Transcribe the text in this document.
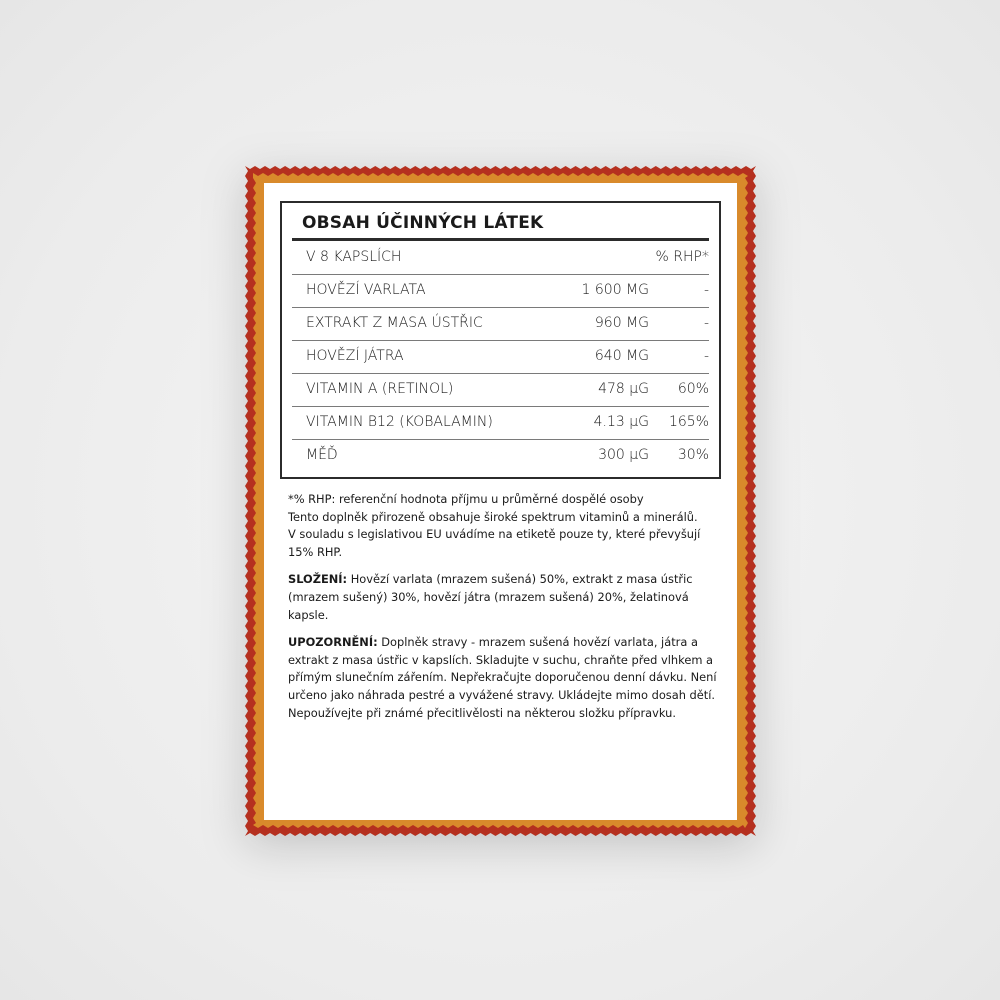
OBSAH ÚČINNÝCH LÁTEK
V 8 KAPSLÍCH	% RHP*
HOVĚZÍ VARLATA	1 600 MG	-
EXTRAKT Z MASA ÚSTŘIC	960 MG	-
HOVĚZÍ JÁTRA	640 MG	-
VITAMIN A (RETINOL)	478 µG 60%
VITAMIN B12 (KOBALAMIN)	4.13 µG 165%
MĚĎ	300 µG 30%

*% RHP: referenční hodnota příjmu u průměrné dospělé osoby

Tento doplněk přirozeně obsahuje široké spektrum vitaminů a minerálů.

V souladu s legislativou EU uvádíme na etiketě pouze ty, které převyšují 15% RHP.

SLOŽENÍ: Hovězí varlata (mrazem sušená) 50%, extrakt z masa ústřic (mrazem sušený) 30%, hovězí játra (mrazem sušená) 20%, želatinová kapsle.

UPOZORNĚNÍ: Doplněk stravy - mrazem sušená hovězí varlata, játra a extrakt z masa ústřic v kapslích. Skladujte v suchu, chraňte před vlhkem a přímým slunečním zářením. Nepřekračujte doporučenou denní dávku. Není určeno jako náhrada pestré a vyvážené stravy. Ukládejte mimo dosah dětí. Nepoužívejte při známé přecitlivělosti na některou složku přípravku.
